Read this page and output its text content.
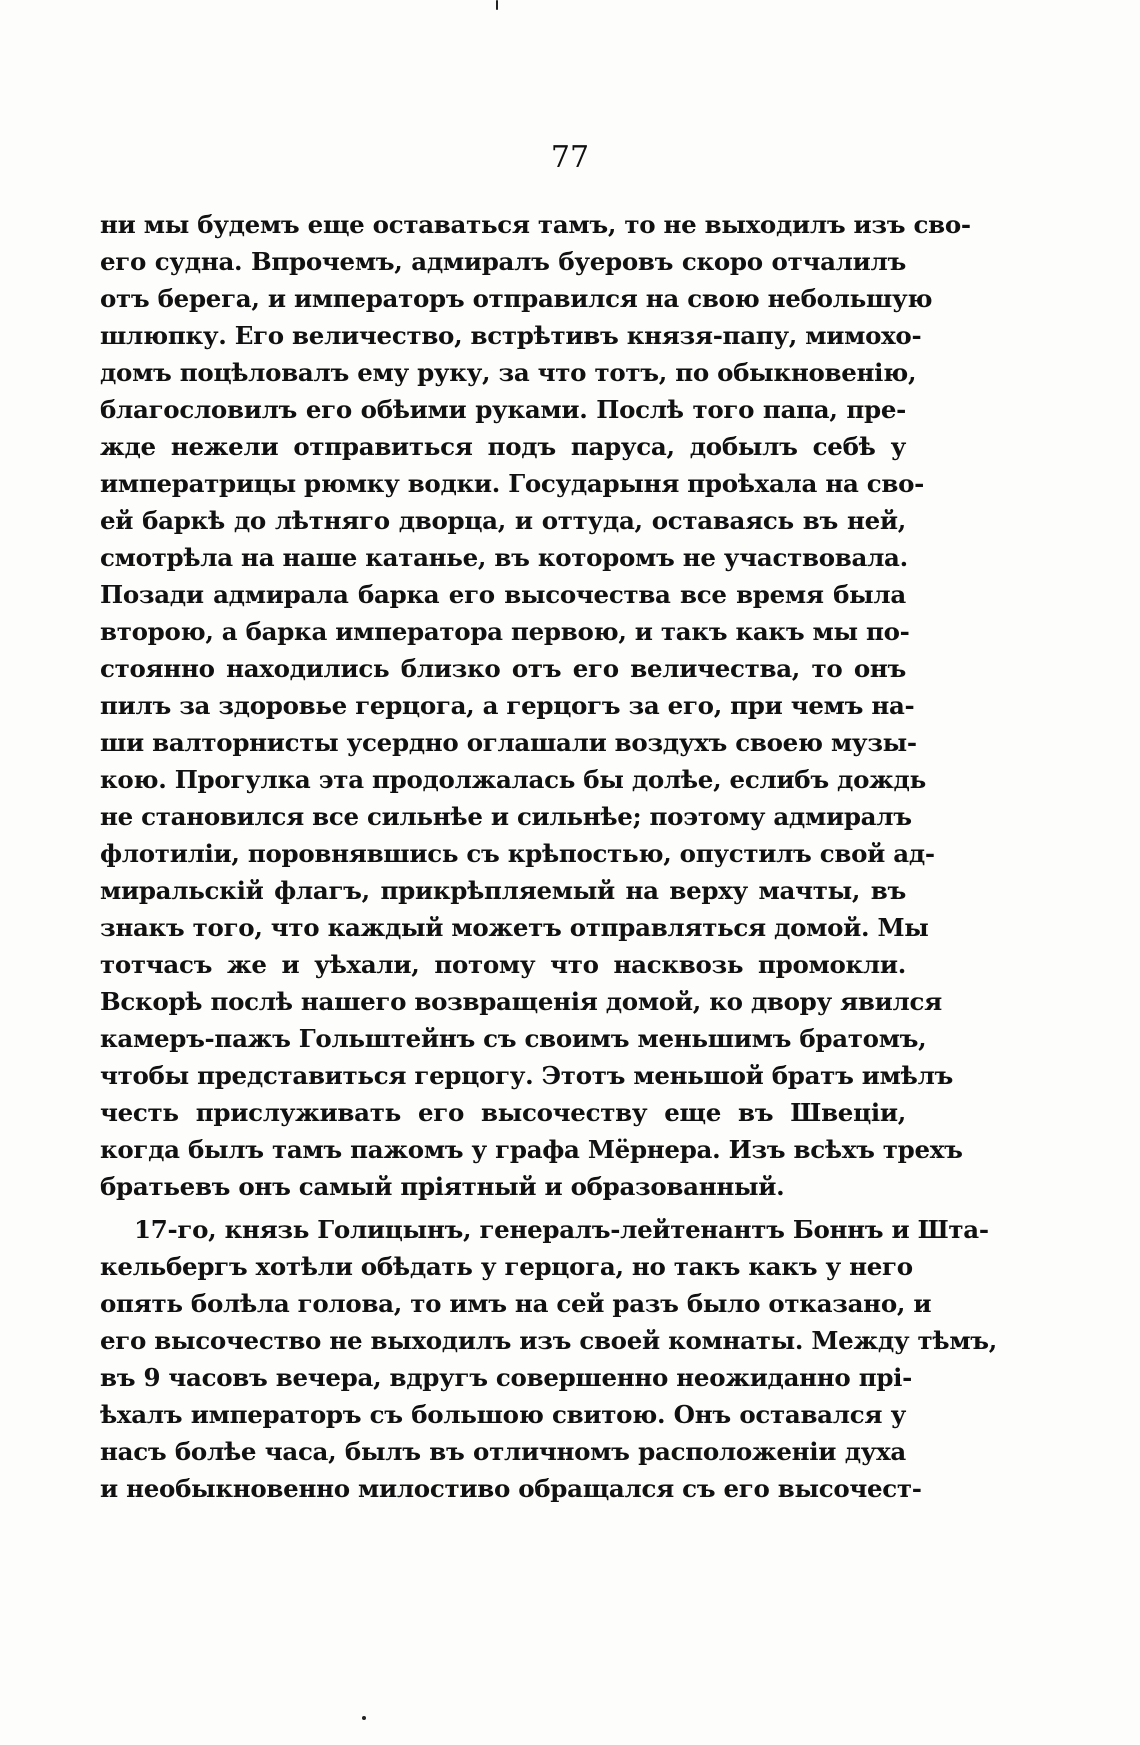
77
ни мы будемъ еще оставаться тамъ, то не выходилъ изъ сво-
его судна. Впрочемъ, адмиралъ буеровъ скоро отчалилъ
отъ берега, и императоръ отправился на свою небольшую
шлюпку. Его величество, встрѣтивъ князя-папу, мимохо-
домъ поцѣловалъ ему руку, за что тотъ, по обыкновенію,
благословилъ его обѣими руками. Послѣ того папа, пре-
жде нежели отправиться подъ паруса, добылъ себѣ у
императрицы рюмку водки. Государыня проѣхала на сво-
ей баркѣ до лѣтняго дворца, и оттуда, оставаясь въ ней,
смотрѣла на наше катанье, въ которомъ не участвовала.
Позади адмирала барка его высочества все время была
второю, а барка императора первою, и такъ какъ мы по-
стоянно находились близко отъ его величества, то онъ
пилъ за здоровье герцога, а герцогъ за его, при чемъ на-
ши валторнисты усердно оглашали воздухъ своею музы-
кою. Прогулка эта продолжалась бы долѣе, еслибъ дождь
не становился все сильнѣе и сильнѣе; поэтому адмиралъ
флотиліи, поровнявшись съ крѣпостью, опустилъ свой ад-
миральскій флагъ, прикрѣпляемый на верху мачты, въ
знакъ того, что каждый можетъ отправляться домой. Мы
тотчасъ же и уѣхали, потому что насквозь промокли.
Вскорѣ послѣ нашего возвращенія домой, ко двору явился
камеръ-пажъ Гольштейнъ съ своимъ меньшимъ братомъ,
чтобы представиться герцогу. Этотъ меньшой братъ имѣлъ
честь прислуживать его высочеству еще въ Швеціи,
когда былъ тамъ пажомъ у графа Мёрнера. Изъ всѣхъ трехъ
братьевъ онъ самый пріятный и образованный.
17-го, князь Голицынъ, генералъ-лейтенантъ Боннъ и Шта-
кельбергъ хотѣли обѣдать у герцога, но такъ какъ у него
опять болѣла голова, то имъ на сей разъ было отказано, и
его высочество не выходилъ изъ своей комнаты. Между тѣмъ,
въ 9 часовъ вечера, вдругъ совершенно неожиданно прі-
ѣхалъ императоръ съ большою свитою. Онъ оставался у
насъ болѣе часа, былъ въ отличномъ расположеніи духа
и необыкновенно милостиво обращался съ его высочест-
